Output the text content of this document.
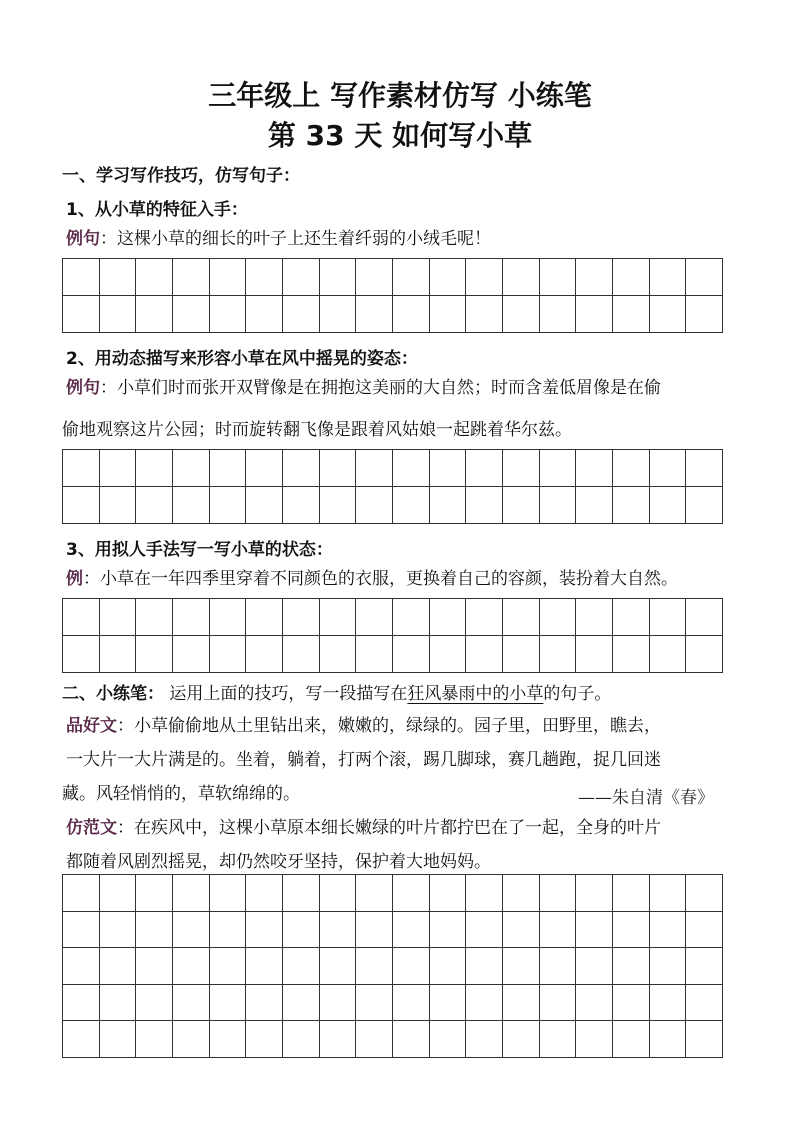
三年级上 写作素材仿写 小练笔
第 33 天 如何写小草
一、学习写作技巧，仿写句子：
1、从小草的特征入手：
例句：这棵小草的细长的叶子上还生着纤弱的小绒毛呢！
2、用动态描写来形容小草在风中摇晃的姿态：
例句：小草们时而张开双臂像是在拥抱这美丽的大自然；时而含羞低眉像是在偷
偷地观察这片公园；时而旋转翻飞像是跟着风姑娘一起跳着华尔兹。
3、用拟人手法写一写小草的状态：
例：小草在一年四季里穿着不同颜色的衣服，更换着自己的容颜，装扮着大自然。
二、小练笔： 运用上面的技巧，写一段描写在狂风暴雨中的小草的句子。
品好文：小草偷偷地从土里钻出来，嫩嫩的，绿绿的。园子里，田野里，瞧去，
一大片一大片满是的。坐着，躺着，打两个滚，踢几脚球，赛几趟跑，捉几回迷
藏。风轻悄悄的，草软绵绵的。	——朱自清《春》
仿范文：在疾风中，这棵小草原本细长嫩绿的叶片都拧巴在了一起，全身的叶片
都随着风剧烈摇晃，却仍然咬牙坚持，保护着大地妈妈。
